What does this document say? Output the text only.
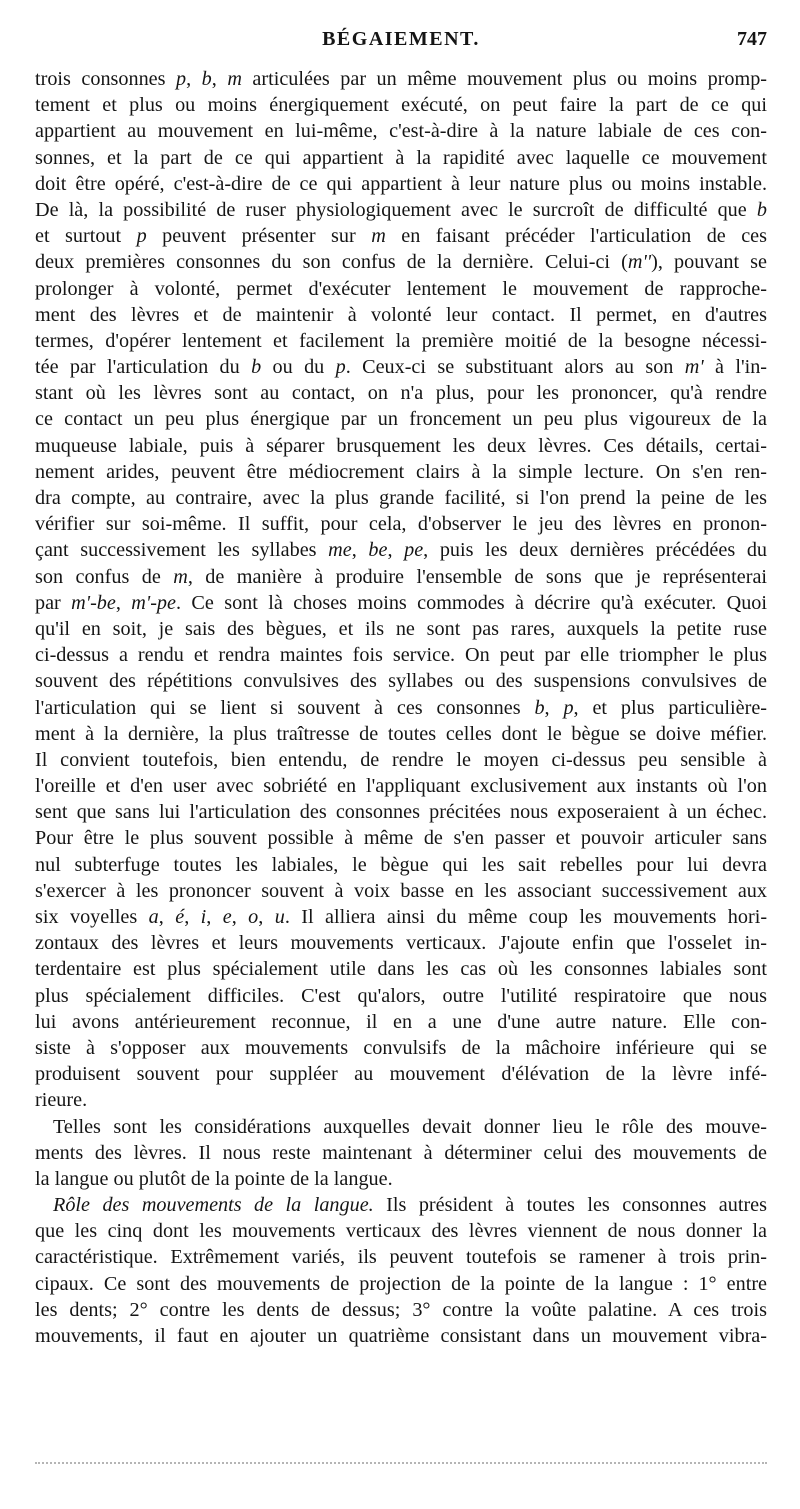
BÉGAIEMENT.	747
trois consonnes p, b, m articulées par un même mouvement plus ou moins promp-
tement et plus ou moins énergiquement exécuté, on peut faire la part de ce qui
appartient au mouvement en lui-même, c'est-à-dire à la nature labiale de ces con-
sonnes, et la part de ce qui appartient à la rapidité avec laquelle ce mouvement
doit être opéré, c'est-à-dire de ce qui appartient à leur nature plus ou moins instable.
De là, la possibilité de ruser physiologiquement avec le surcroît de difficulté que b
et surtout p peuvent présenter sur m en faisant précéder l'articulation de ces
deux premières consonnes du son confus de la dernière. Celui-ci (m''), pouvant se
prolonger à volonté, permet d'exécuter lentement le mouvement de rapproche-
ment des lèvres et de maintenir à volonté leur contact. Il permet, en d'autres
termes, d'opérer lentement et facilement la première moitié de la besogne nécessi-
tée par l'articulation du b ou du p. Ceux-ci se substituant alors au son m' à l'in-
stant où les lèvres sont au contact, on n'a plus, pour les prononcer, qu'à rendre
ce contact un peu plus énergique par un froncement un peu plus vigoureux de la
muqueuse labiale, puis à séparer brusquement les deux lèvres. Ces détails, certai-
nement arides, peuvent être médiocrement clairs à la simple lecture. On s'en ren-
dra compte, au contraire, avec la plus grande facilité, si l'on prend la peine de les
vérifier sur soi-même. Il suffit, pour cela, d'observer le jeu des lèvres en pronon-
çant successivement les syllabes me, be, pe, puis les deux dernières précédées du
son confus de m, de manière à produire l'ensemble de sons que je représenterai
par m'-be, m'-pe. Ce sont là choses moins commodes à décrire qu'à exécuter. Quoi
qu'il en soit, je sais des bègues, et ils ne sont pas rares, auxquels la petite ruse
ci-dessus a rendu et rendra maintes fois service. On peut par elle triompher le plus
souvent des répétitions convulsives des syllabes ou des suspensions convulsives de
l'articulation qui se lient si souvent à ces consonnes b, p, et plus particulière-
ment à la dernière, la plus traîtresse de toutes celles dont le bègue se doive méfier.
Il convient toutefois, bien entendu, de rendre le moyen ci-dessus peu sensible à
l'oreille et d'en user avec sobriété en l'appliquant exclusivement aux instants où l'on
sent que sans lui l'articulation des consonnes précitées nous exposeraient à un échec.
Pour être le plus souvent possible à même de s'en passer et pouvoir articuler sans
nul subterfuge toutes les labiales, le bègue qui les sait rebelles pour lui devra
s'exercer à les prononcer souvent à voix basse en les associant successivement aux
six voyelles a, é, i, e, o, u. Il alliera ainsi du même coup les mouvements hori-
zontaux des lèvres et leurs mouvements verticaux. J'ajoute enfin que l'osselet in-
terdentaire est plus spécialement utile dans les cas où les consonnes labiales sont
plus spécialement difficiles. C'est qu'alors, outre l'utilité respiratoire que nous
lui avons antérieurement reconnue, il en a une d'une autre nature. Elle con-
siste à s'opposer aux mouvements convulsifs de la mâchoire inférieure qui se
produisent souvent pour suppléer au mouvement d'élévation de la lèvre infé-
rieure.
Telles sont les considérations auxquelles devait donner lieu le rôle des mouve-
ments des lèvres. Il nous reste maintenant à déterminer celui des mouvements de
la langue ou plutôt de la pointe de la langue.
Rôle des mouvements de la langue. Ils président à toutes les consonnes autres
que les cinq dont les mouvements verticaux des lèvres viennent de nous donner la
caractéristique. Extrêmement variés, ils peuvent toutefois se ramener à trois prin-
cipaux. Ce sont des mouvements de projection de la pointe de la langue : 1° entre
les dents; 2° contre les dents de dessus; 3° contre la voûte palatine. A ces trois
mouvements, il faut en ajouter un quatrième consistant dans un mouvement vibra-
